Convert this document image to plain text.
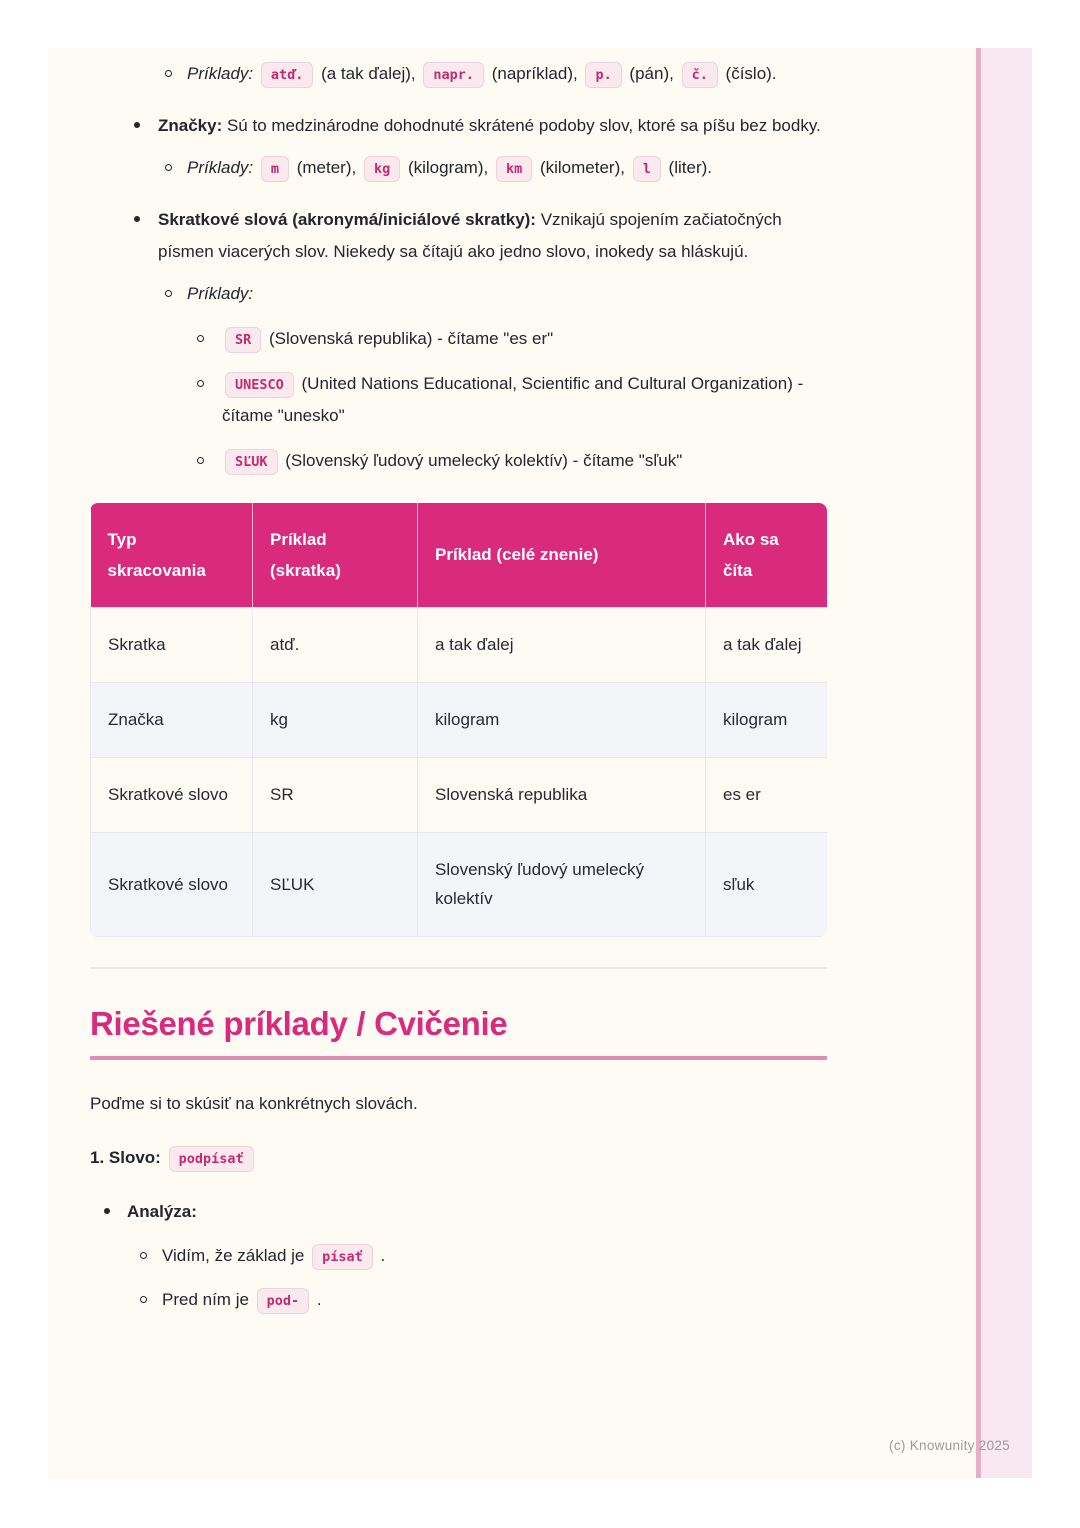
Príklady: atď. (a tak ďalej), napr. (napríklad), p. (pán), č. (číslo).
Značky: Sú to medzinárodne dohodnuté skrátené podoby slov, ktoré sa píšu bez bodky.
Príklady: m (meter), kg (kilogram), km (kilometer), l (liter).
Skratkové slová (akronymá/iniciálové skratky): Vznikajú spojením začiatočných písmen viacerých slov. Niekedy sa čítajú ako jedno slovo, inokedy sa hláskujú.
Príklady:
SR (Slovenská republika) - čítame "es er"
UNESCO (United Nations Educational, Scientific and Cultural Organization) - čítame "unesko"
SĽUK (Slovenský ľudový umelecký kolektív) - čítame "sľuk"
Typ skracovania	Príklad (skratka)	Príklad (celé znenie)	Ako sa číta
Skratka	atď.	a tak ďalej	a tak ďalej
Značka	kg	kilogram	kilogram
Skratkové slovo	SR	Slovenská republika	es er
Skratkové slovo	SĽUK	Slovenský ľudový umelecký kolektív	sľuk
Riešené príklady / Cvičenie

Poďme si to skúsiť na konkrétnych slovách.

1. Slovo: podpísať

Analýza:
Vidím, že základ je písať .
Pred ním je pod- .
(c) Knowunity 2025
